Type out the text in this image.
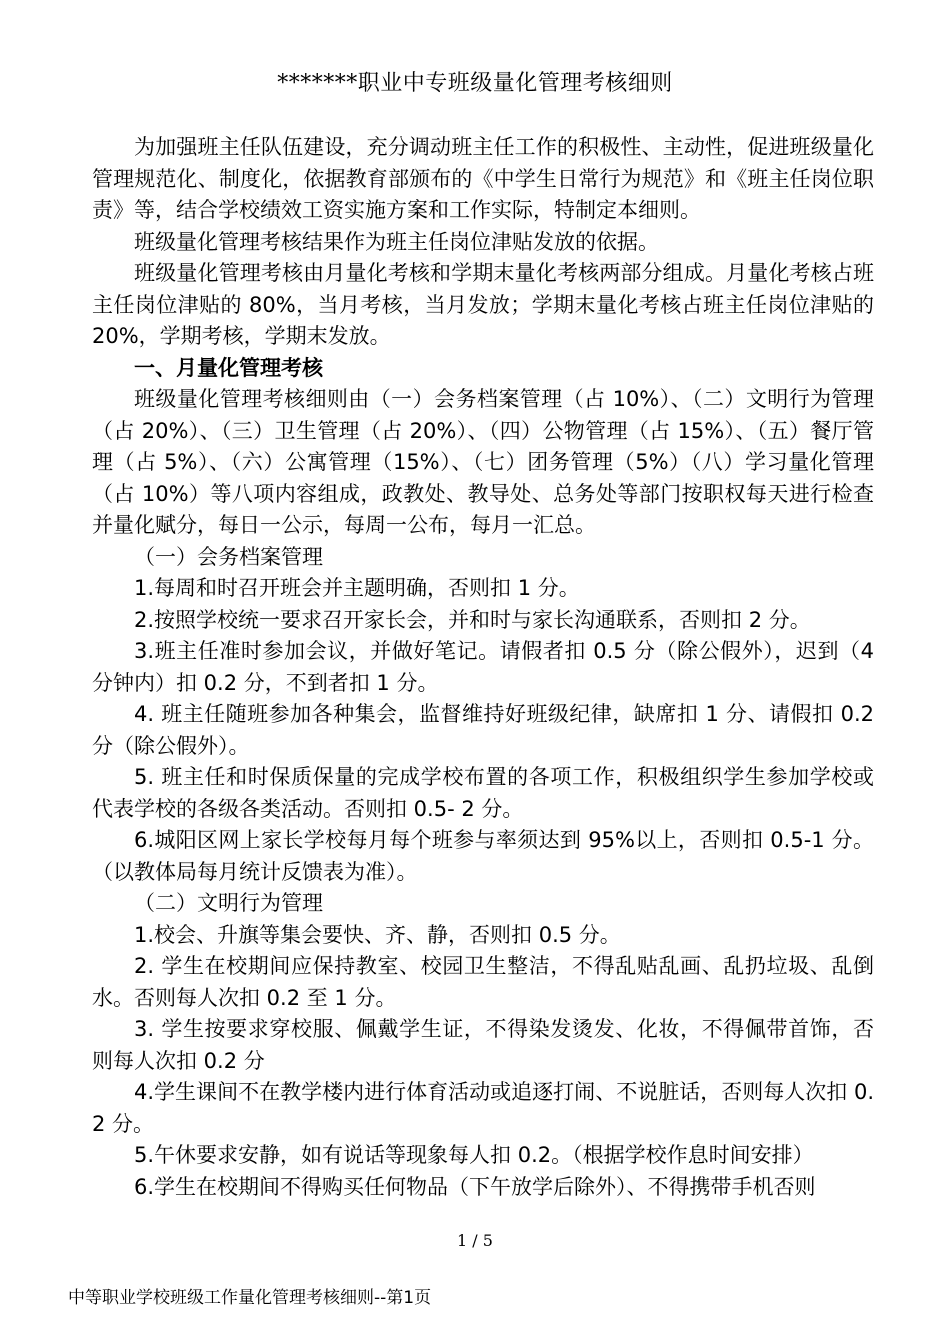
*******职业中专班级量化管理考核细则

为加强班主任队伍建设，充分调动班主任工作的积极性、主动性，促进班级量化管理规范化、制度化，依据教育部颁布的《中学生日常行为规范》和《班主任岗位职责》等，结合学校绩效工资实施方案和工作实际，特制定本细则。

班级量化管理考核结果作为班主任岗位津贴发放的依据。

班级量化管理考核由月量化考核和学期末量化考核两部分组成。月量化考核占班主任岗位津贴的 80%，当月考核，当月发放；学期末量化考核占班主任岗位津贴的 20%，学期考核，学期末发放。

一、月量化管理考核

班级量化管理考核细则由（一）会务档案管理（占 10%）、（二）文明行为管理（占 20%）、（三）卫生管理（占 20%）、（四）公物管理（占 15%）、（五）餐厅管理（占 5%）、（六）公寓管理（15%）、（七）团务管理（5%）（八）学习量化管理（占 10%）等八项内容组成，政教处、教导处、总务处等部门按职权每天进行检查并量化赋分，每日一公示，每周一公布，每月一汇总。

（一）会务档案管理

1.每周和时召开班会并主题明确，否则扣 1 分。

2.按照学校统一要求召开家长会，并和时与家长沟通联系，否则扣 2 分。

3.班主任准时参加会议，并做好笔记。请假者扣 0.5 分（除公假外），迟到（4 分钟内）扣 0.2 分，不到者扣 1 分。

4. 班主任随班参加各种集会，监督维持好班级纪律，缺席扣 1 分、请假扣 0.2 分（除公假外）。

5. 班主任和时保质保量的完成学校布置的各项工作，积极组织学生参加学校或代表学校的各级各类活动。否则扣 0.5- 2 分。

6.城阳区网上家长学校每月每个班参与率须达到 95%以上，否则扣 0.5-1 分。（以教体局每月统计反馈表为准）。

（二）文明行为管理

1.校会、升旗等集会要快、齐、静，否则扣 0.5 分。

2. 学生在校期间应保持教室、校园卫生整洁，不得乱贴乱画、乱扔垃圾、乱倒水。否则每人次扣 0.2 至 1 分。

3. 学生按要求穿校服、佩戴学生证，不得染发烫发、化妆，不得佩带首饰，否则每人次扣 0.2 分

4.学生课间不在教学楼内进行体育活动或追逐打闹、不说脏话，否则每人次扣 0.2 分。

5.午休要求安静，如有说话等现象每人扣 0.2。（根据学校作息时间安排）

6.学生在校期间不得购买任何物品（下午放学后除外）、不得携带手机否则

1 / 5
中等职业学校班级工作量化管理考核细则--第1页
